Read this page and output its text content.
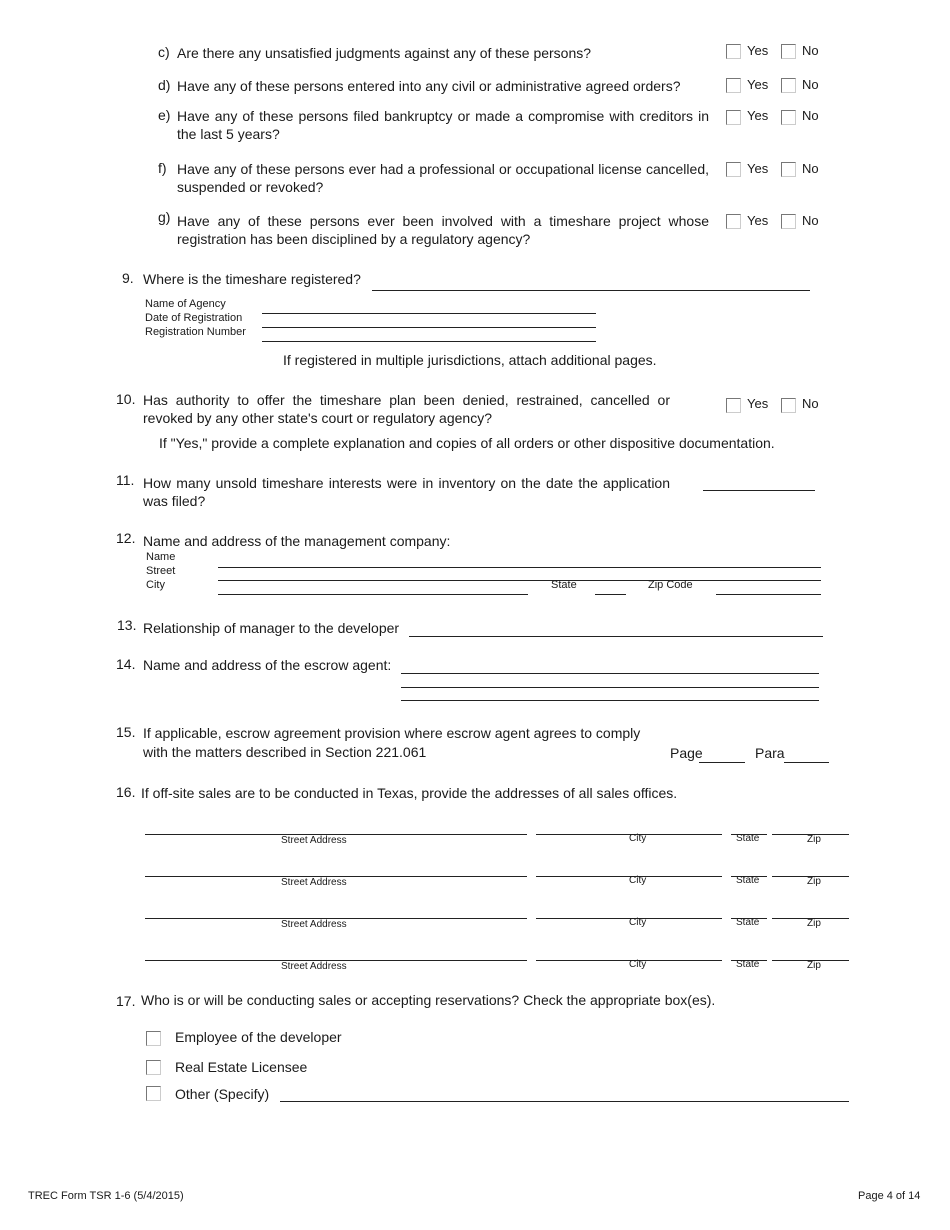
c) Are there any unsatisfied judgments against any of these persons?	Yes	No
d) Have any of these persons entered into any civil or administrative agreed orders?	Yes	No
e) Have any of these persons filed bankruptcy or made a compromise with creditors in the last 5 years?
Yes	No
f) Have any of these persons ever had a professional or occupational license cancelled, suspended or revoked?
Yes	No
g) Have any of these persons ever been involved with a timeshare project whose registration has been disciplined by a regulatory agency?
Yes	No
9. Where is the timeshare registered?
Name of Agency
Date of Registration
Registration Number
If registered in multiple jurisdictions, attach additional pages.
10. Has authority to offer the timeshare plan been denied, restrained, cancelled or revoked by any other state's court or regulatory agency?
Yes	No
If "Yes," provide a complete explanation and copies of all orders or other dispositive documentation.
11. How many unsold timeshare interests were in inventory on the date the application was filed?
12. Name and address of the management company:
Name
Street
City	State	Zip Code
13. Relationship of manager to the developer
14. Name and address of the escrow agent:
15. If applicable, escrow agreement provision where escrow agent agrees to comply
with the matters described in Section 221.061	Page	Para
16. If off-site sales are to be conducted in Texas, provide the addresses of all sales offices.
Street Address	City	State	Zip
Street Address	City	State	Zip
Street Address	City	State	Zip
Street Address	City	State	Zip
17. Who is or will be conducting sales or accepting reservations? Check the appropriate box(es).
Employee of the developer
Real Estate Licensee
Other (Specify)
TREC Form TSR 1-6 (5/4/2015)	Page 4 of 14
